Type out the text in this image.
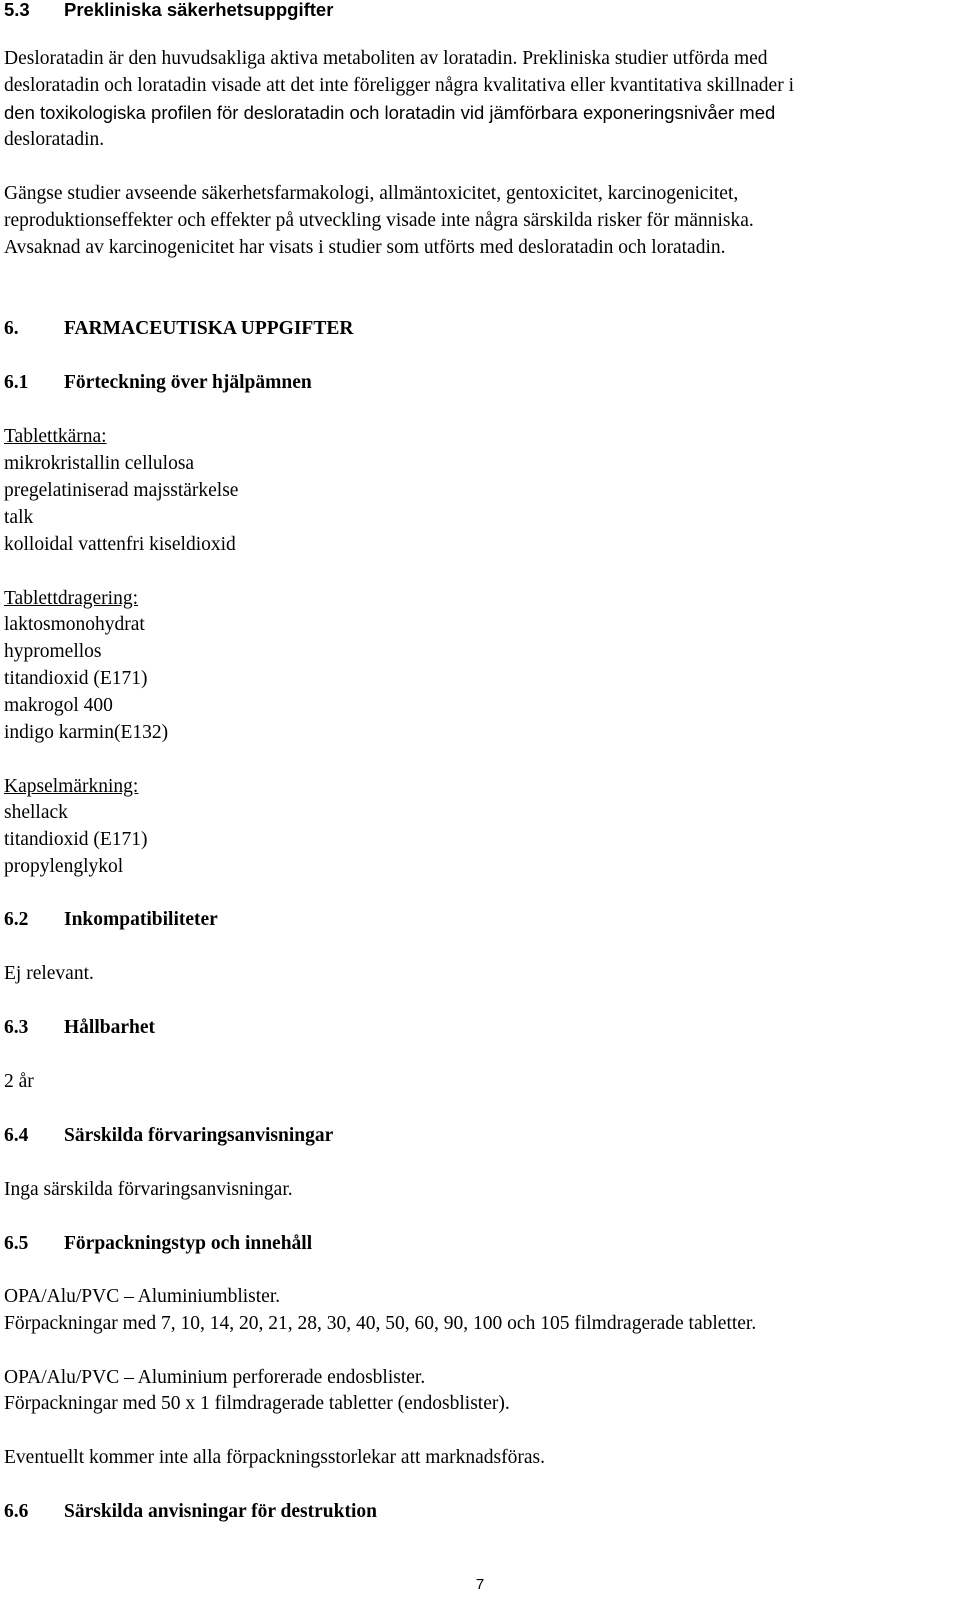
5.3 Prekliniska säkerhetsuppgifter
Desloratadin är den huvudsakliga aktiva metaboliten av loratadin. Prekliniska studier utförda med
desloratadin och loratadin visade att det inte föreligger några kvalitativa eller kvantitativa skillnader i
den toxikologiska profilen för desloratadin och loratadin vid jämförbara exponeringsnivåer med
desloratadin.
Gängse studier avseende säkerhetsfarmakologi, allmäntoxicitet, gentoxicitet, karcinogenicitet,
reproduktionseffekter och effekter på utveckling visade inte några särskilda risker för människa.
Avsaknad av karcinogenicitet har visats i studier som utförts med desloratadin och loratadin.
6. FARMACEUTISKA UPPGIFTER
6.1 Förteckning över hjälpämnen
Tablettkärna:
mikrokristallin cellulosa
pregelatiniserad majsstärkelse
talk
kolloidal vattenfri kiseldioxid
Tablettdragering:
laktosmonohydrat
hypromellos
titandioxid (E171)
makrogol 400
indigo karmin(E132)
Kapselmärkning:
shellack
titandioxid (E171)
propylenglykol
6.2 Inkompatibiliteter
Ej relevant.
6.3 Hållbarhet
2 år
6.4 Särskilda förvaringsanvisningar
Inga särskilda förvaringsanvisningar.
6.5 Förpackningstyp och innehåll
OPA/Alu/PVC – Aluminiumblister.
Förpackningar med 7, 10, 14, 20, 21, 28, 30, 40, 50, 60, 90, 100 och 105 filmdragerade tabletter.
OPA/Alu/PVC – Aluminium perforerade endosblister.
Förpackningar med 50 x 1 filmdragerade tabletter (endosblister).
Eventuellt kommer inte alla förpackningsstorlekar att marknadsföras.
6.6 Särskilda anvisningar för destruktion
7
